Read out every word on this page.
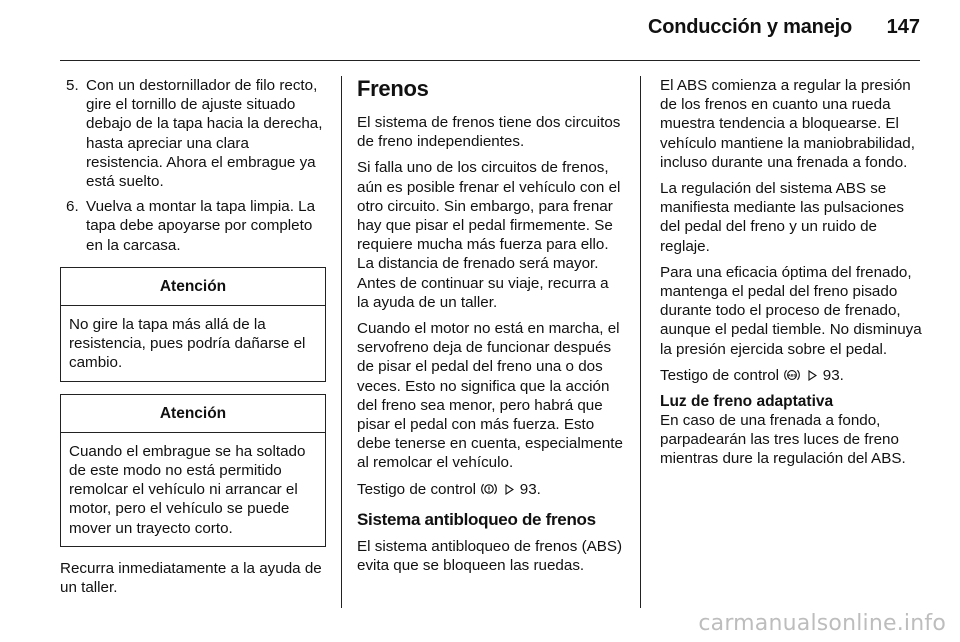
Conducción y manejo 147
5. Con un destornillador de filo recto, gire el tornillo de ajuste situado debajo de la tapa hacia la derecha, hasta apreciar una clara resistencia. Ahora el embrague ya está suelto.
6. Vuelva a montar la tapa limpia. La tapa debe apoyarse por completo en la carcasa.
Atención
No gire la tapa más allá de la resistencia, pues podría dañarse el cambio.
Atención
Cuando el embrague se ha soltado de este modo no está permitido remolcar el vehículo ni arrancar el motor, pero el vehículo se puede mover un trayecto corto.

Recurra inmediatamente a la ayuda de un taller.

Frenos

El sistema de frenos tiene dos circuitos de freno independientes.

Si falla uno de los circuitos de frenos, aún es posible frenar el vehículo con el otro circuito. Sin embargo, para frenar hay que pisar el pedal firmemente. Se requiere mucha más fuerza para ello. La distancia de frenado será mayor. Antes de continuar su viaje, recurra a la ayuda de un taller.

Cuando el motor no está en marcha, el servofreno deja de funcionar después de pisar el pedal del freno una o dos veces. Esto no significa que la acción del freno sea menor, pero habrá que pisar el pedal con más fuerza. Esto debe tenerse en cuenta, especialmente al remolcar el vehículo.

Testigo de control	93.

Sistema antibloqueo de frenos

El sistema antibloqueo de frenos (ABS) evita que se bloqueen las ruedas.

El ABS comienza a regular la presión de los frenos en cuanto una rueda muestra tendencia a bloquearse. El vehículo mantiene la maniobrabilidad, incluso durante una frenada a fondo.

La regulación del sistema ABS se manifiesta mediante las pulsaciones del pedal del freno y un ruido de reglaje.

Para una eficacia óptima del frenado, mantenga el pedal del freno pisado durante todo el proceso de frenado, aunque el pedal tiemble. No disminuya la presión ejercida sobre el pedal.

Testigo de control ABS 93.

Luz de freno adaptativa

En caso de una frenada a fondo, parpadearán las tres luces de freno mientras dure la regulación del ABS.

carmanualsonline.info
